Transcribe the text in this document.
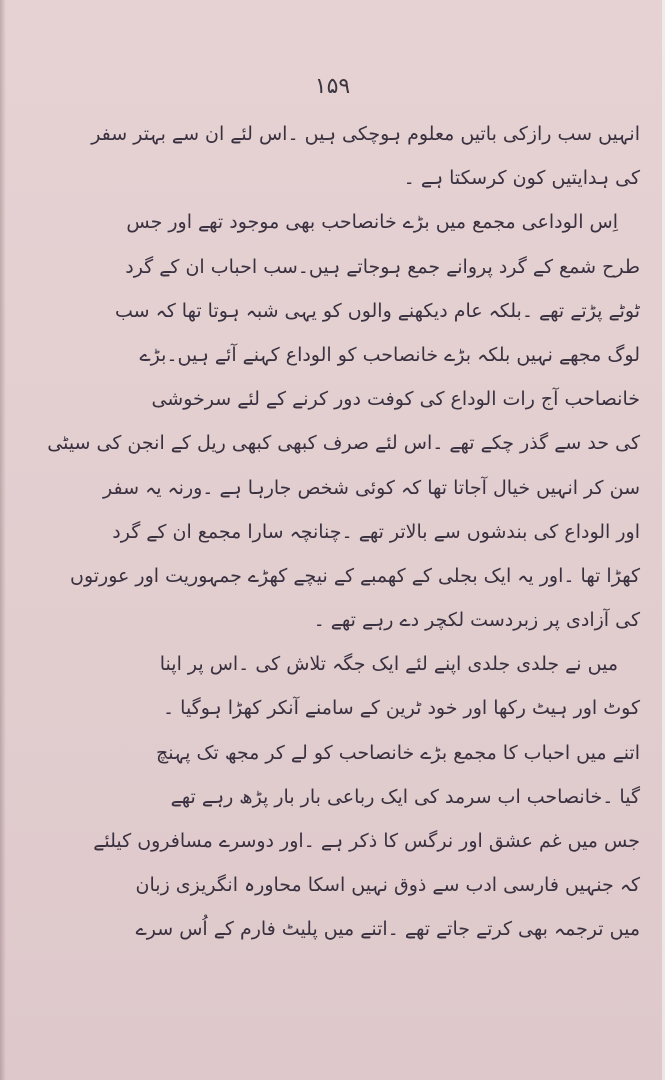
۱۵۹
انہیں سب رازکی باتیں معلوم ہوچکی ہیں ۔اس لئے ان سے بہتر سفر
کی ہدایتیں کون کرسکتا ہے ۔
اِس الوداعی مجمع میں بڑے خانصاحب بھی موجود تھے اور جس
طرح شمع کے گرد پروانے جمع ہوجاتے ہیں۔سب احباب ان کے گرد
ٹوٹے پڑتے تھے ۔بلکہ عام دیکھنے والوں کو یہی شبہ ہوتا تھا کہ سب
لوگ مجھے نہیں بلکہ بڑے خانصاحب کو الوداع کہنے آئے ہیں۔بڑے
خانصاحب آج رات الوداع کی کوفت دور کرنے کے لئے سرخوشی
کی حد سے گذر چکے تھے ۔اس لئے صرف کبھی کبھی ریل کے انجن کی سیٹی
سن کر انہیں خیال آجاتا تھا کہ کوئی شخص جارہا ہے ۔ورنہ یہ سفر
اور الوداع کی بندشوں سے بالاتر تھے ۔چنانچہ سارا مجمع ان کے گرد
کھڑا تھا ۔اور یہ ایک بجلی کے کھمبے کے نیچے کھڑے جمہوریت اور عورتوں
کی آزادی پر زبردست لکچر دے رہے تھے ۔
میں نے جلدی جلدی اپنے لئے ایک جگہ تلاش کی ۔اس پر اپنا
کوٹ اور ہیٹ رکھا اور خود ٹرین کے سامنے آنکر کھڑا ہوگیا ۔
اتنے میں احباب کا مجمع بڑے خانصاحب کو لے کر مجھ تک پہنچ
گیا ۔خانصاحب اب سرمد کی ایک رباعی بار بار پڑھ رہے تھے
جس میں غم عشق اور نرگس کا ذکر ہے ۔اور دوسرے مسافروں کیلئے
کہ جنہیں فارسی ادب سے ذوق نہیں اسکا محاورہ انگریزی زبان
میں ترجمہ بھی کرتے جاتے تھے ۔اتنے میں پلیٹ فارم کے اُس سرے
